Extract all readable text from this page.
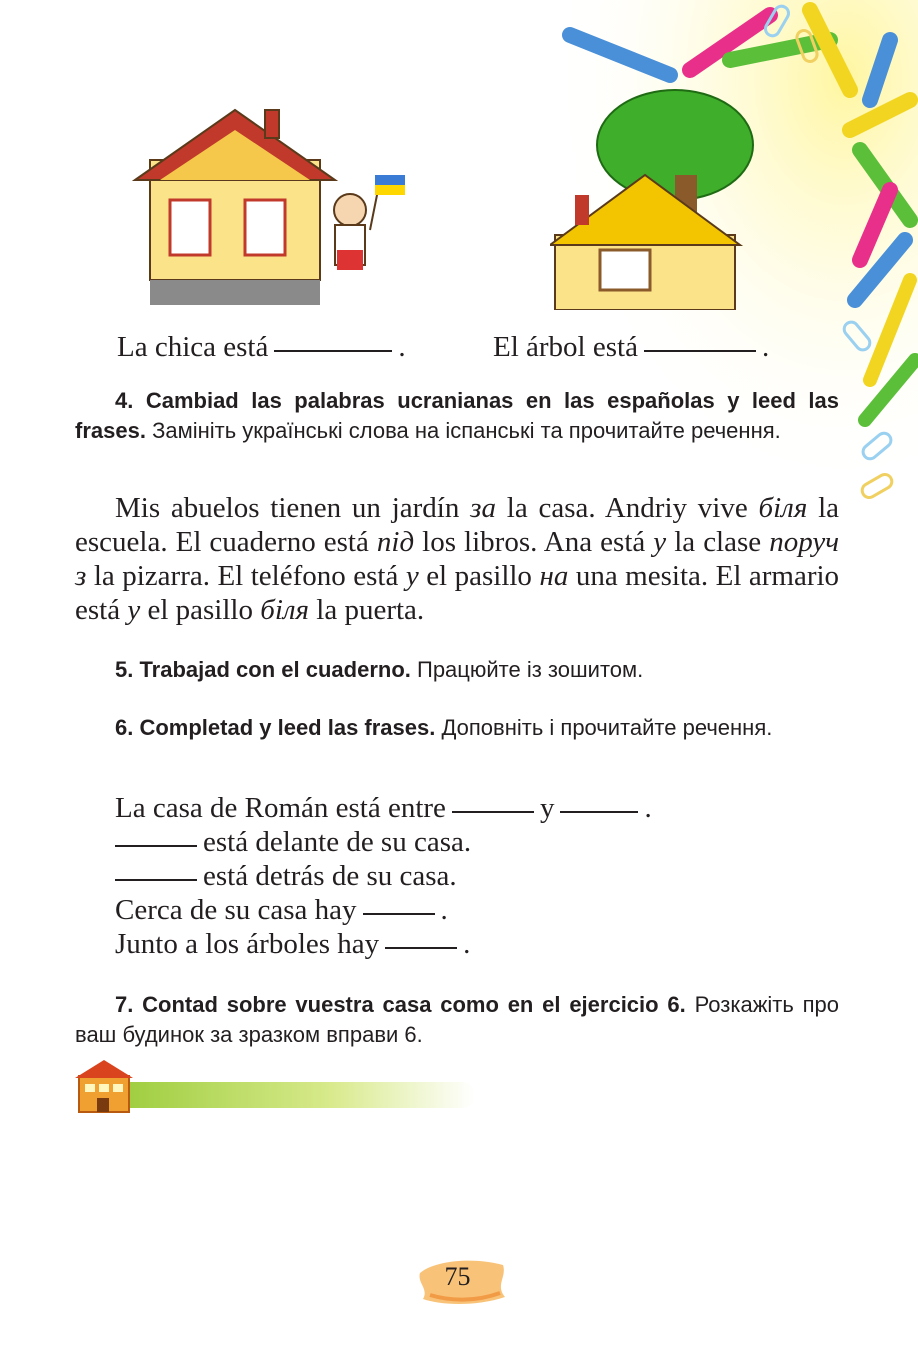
La chica está	.	El árbol está	.
4. Cambiad las palabras ucranianas en las españolas y leed las frases. Замініть українські слова на іспанські та прочитайте речення.
Mis abuelos tienen un jardín за la casa. Andriy vive біля la escuela. El cuaderno está під los libros. Ana está у la clase поруч з la pizarra. El teléfono está у el pasillo на una mesita. El armario está у el pasillo біля la puerta.
5. Trabajad con el cuaderno. Працюйте із зошитом.
6. Completad y leed las frases. Доповніть і прочитайте речення.
La casa de Román está entre	y	.
está delante de su casa.
está detrás de su casa.
Cerca de su casa hay	.
Junto a los árboles hay	.
7. Contad sobre vuestra casa como en el ejercicio 6. Розкажіть про ваш будинок за зразком вправи 6.
75
